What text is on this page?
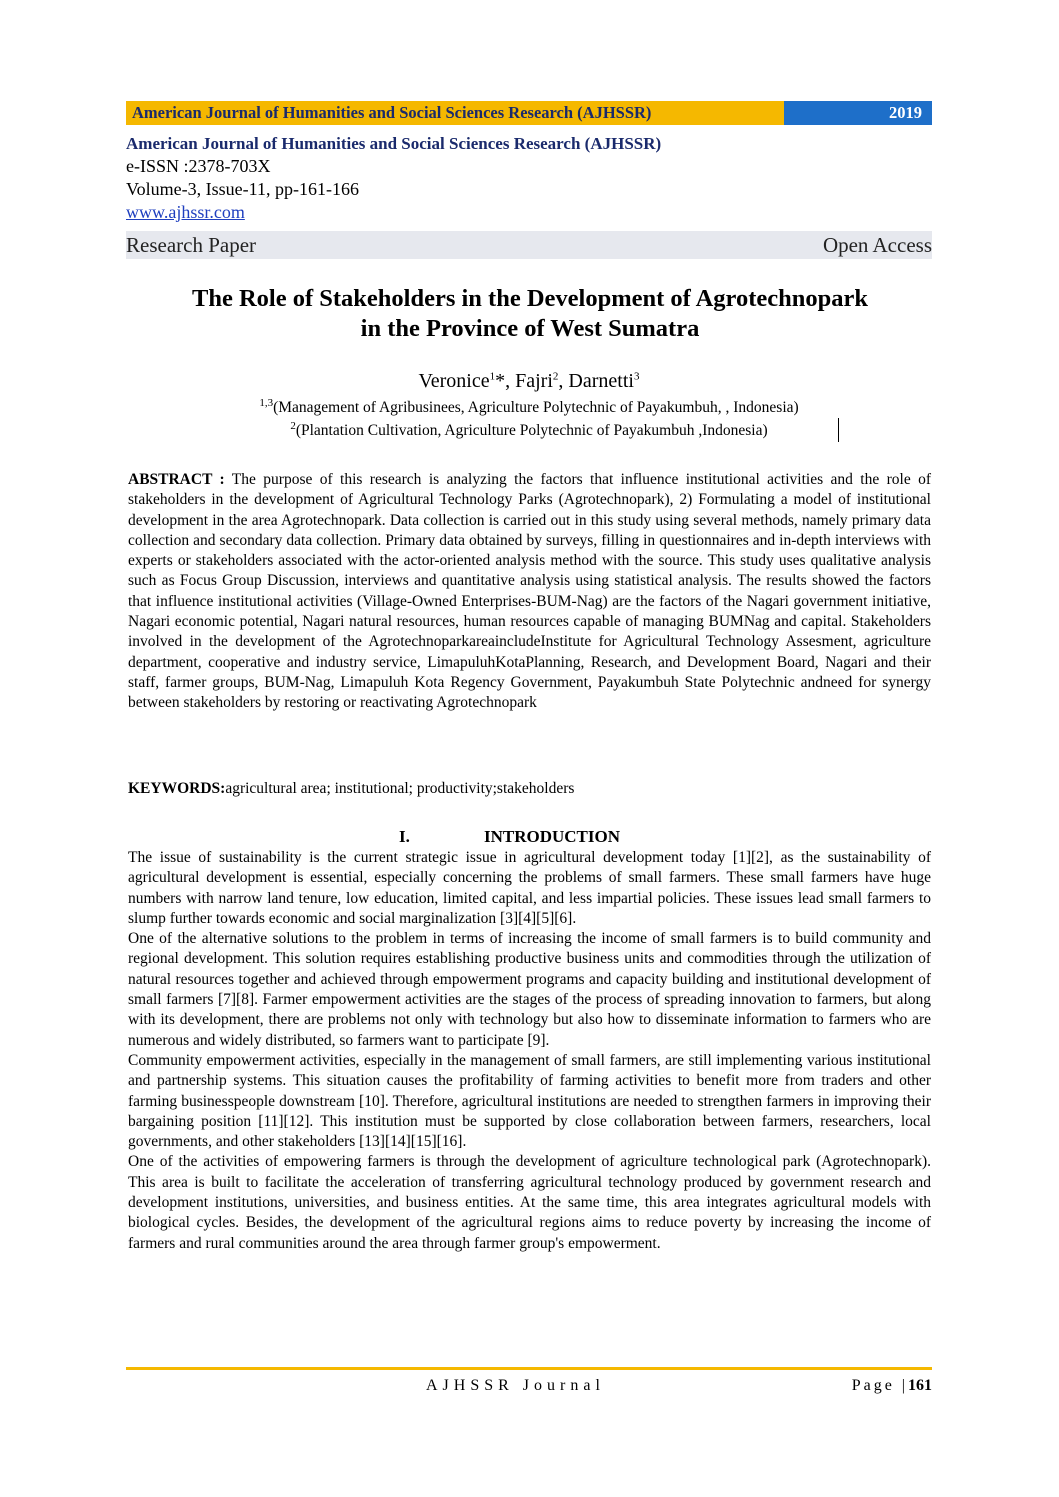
American Journal of Humanities and Social Sciences Research (AJHSSR)	2019
American Journal of Humanities and Social Sciences Research (AJHSSR)
e-ISSN :2378-703X
Volume-3, Issue-11, pp-161-166
www.ajhssr.com
Research Paper	Open Access
The Role of Stakeholders in the Development of Agrotechnopark
in the Province of West Sumatra
Veronice$^1$*, Fajri$^2$, Darnetti$^3$
$^{1,3}$(Management of Agribusinees, Agriculture Polytechnic of Payakumbuh, , Indonesia)
$^2$(Plantation Cultivation, Agriculture Polytechnic of Payakumbuh ,Indonesia)
ABSTRACT : The purpose of this research is analyzing the factors that influence institutional activities and the role of stakeholders in the development of Agricultural Technology Parks (Agrotechnopark), 2) Formulating a model of institutional development in the area Agrotechnopark. Data collection is carried out in this study using several methods, namely primary data collection and secondary data collection. Primary data obtained by surveys, filling in questionnaires and in-depth interviews with experts or stakeholders associated with the actor-oriented analysis method with the source. This study uses qualitative analysis such as Focus Group Discussion, interviews and quantitative analysis using statistical analysis. The results showed the factors that influence institutional activities (Village-Owned Enterprises-BUM-Nag) are the factors of the Nagari government initiative, Nagari economic potential, Nagari natural resources, human resources capable of managing BUMNag and capital. Stakeholders involved in the development of the AgrotechnoparkareaincludeInstitute for Agricultural Technology Assesment, agriculture department, cooperative and industry service, LimapuluhKotaPlanning, Research, and Development Board, Nagari and their staff, farmer groups, BUM-Nag, Limapuluh Kota Regency Government, Payakumbuh State Polytechnic andneed for synergy between stakeholders by restoring or reactivating Agrotechnopark
KEYWORDS:agricultural area; institutional; productivity;stakeholders
I.	INTRODUCTION

The issue of sustainability is the current strategic issue in agricultural development today [1][2], as the sustainability of agricultural development is essential, especially concerning the problems of small farmers. These small farmers have huge numbers with narrow land tenure, low education, limited capital, and less impartial policies. These issues lead small farmers to slump further towards economic and social marginalization [3][4][5][6].

One of the alternative solutions to the problem in terms of increasing the income of small farmers is to build community and regional development. This solution requires establishing productive business units and commodities through the utilization of natural resources together and achieved through empowerment programs and capacity building and institutional development of small farmers [7][8]. Farmer empowerment activities are the stages of the process of spreading innovation to farmers, but along with its development, there are problems not only with technology but also how to disseminate information to farmers who are numerous and widely distributed, so farmers want to participate [9].

Community empowerment activities, especially in the management of small farmers, are still implementing various institutional and partnership systems. This situation causes the profitability of farming activities to benefit more from traders and other farming businesspeople downstream [10]. Therefore, agricultural institutions are needed to strengthen farmers in improving their bargaining position [11][12]. This institution must be supported by close collaboration between farmers, researchers, local governments, and other stakeholders [13][14][15][16].

One of the activities of empowering farmers is through the development of agriculture technological park (Agrotechnopark). This area is built to facilitate the acceleration of transferring agricultural technology produced by government research and development institutions, universities, and business entities. At the same time, this area integrates agricultural models with biological cycles. Besides, the development of the agricultural regions aims to reduce poverty by increasing the income of farmers and rural communities around the area through farmer group's empowerment.

AJHSSR Journal	Page |161
